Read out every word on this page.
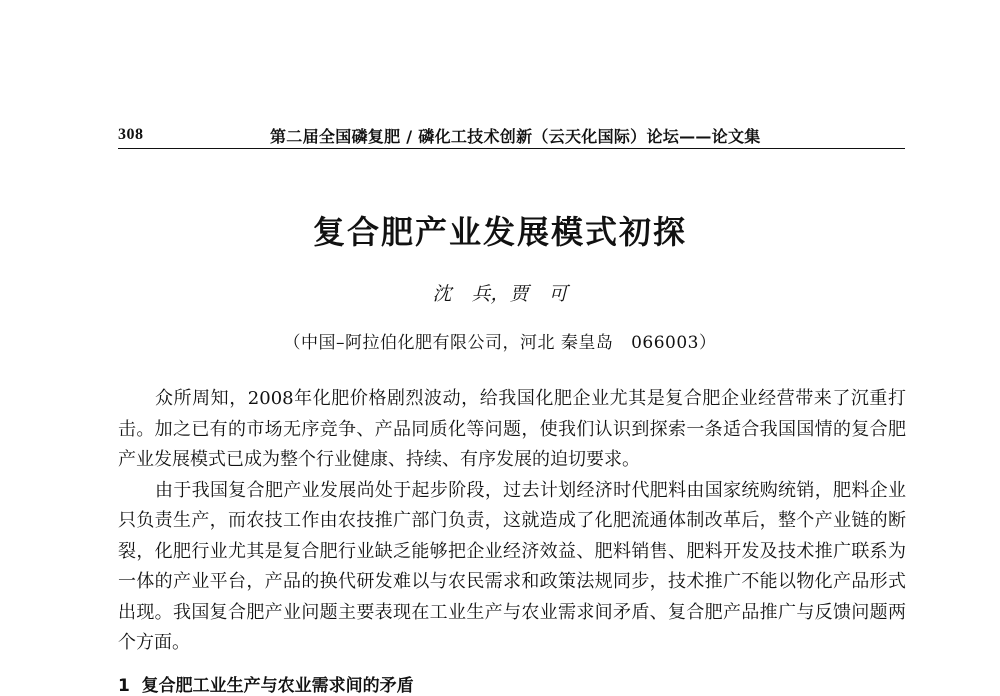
308	第二届全国磷复肥 / 磷化工技术创新（云天化国际）论坛——论文集
复合肥产业发展模式初探
沈 兵，贾 可
（中国–阿拉伯化肥有限公司，河北 秦皇岛   066003）

众所周知，2008年化肥价格剧烈波动，给我国化肥企业尤其是复合肥企业经营带来了沉重打击。加之已有的市场无序竞争、产品同质化等问题，使我们认识到探索一条适合我国国情的复合肥产业发展模式已成为整个行业健康、持续、有序发展的迫切要求。

由于我国复合肥产业发展尚处于起步阶段，过去计划经济时代肥料由国家统购统销，肥料企业只负责生产，而农技工作由农技推广部门负责，这就造成了化肥流通体制改革后，整个产业链的断裂，化肥行业尤其是复合肥行业缺乏能够把企业经济效益、肥料销售、肥料开发及技术推广联系为一体的产业平台，产品的换代研发难以与农民需求和政策法规同步，技术推广不能以物化产品形式出现。我国复合肥产业问题主要表现在工业生产与农业需求间矛盾、复合肥产品推广与反馈问题两个方面。

1  复合肥工业生产与农业需求间的矛盾
